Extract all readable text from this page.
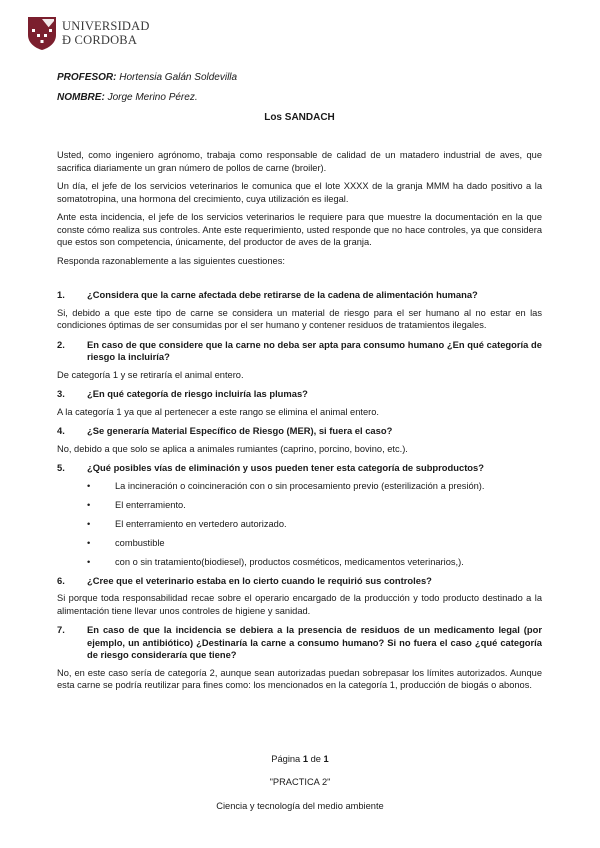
UNIVERSIDAD
Ð CORDOBA
PROFESOR: Hortensia Galán Soldevilla
NOMBRE: Jorge Merino Pérez.
Los SANDACH

Usted, como ingeniero agrónomo, trabaja como responsable de calidad de un matadero industrial de aves, que sacrifica diariamente un gran número de pollos de carne (broiler).

Un día, el jefe de los servicios veterinarios le comunica que el lote XXXX de la granja MMM ha dado positivo a la somatotropina, una hormona del crecimiento, cuya utilización es ilegal.

Ante esta incidencia, el jefe de los servicios veterinarios le requiere para que muestre la documentación en la que conste cómo realiza sus controles. Ante este requerimiento, usted responde que no hace controles, ya que considera que estos son competencia, únicamente, del productor de aves de la granja.

Responda razonablemente a las siguientes cuestiones:

1.	¿Considera que la carne afectada debe retirarse de la cadena de alimentación humana?

Si, debido a que este tipo de carne se considera un material de riesgo para el ser humano al no estar en las condiciones óptimas de ser consumidas por el ser humano y contener residuos de tratamientos ilegales.

2.	En caso de que considere que la carne no deba ser apta para consumo humano ¿En qué categoría de riesgo la incluiría?

De categoría 1 y se retiraría el animal entero.

3.	¿En qué categoría de riesgo incluiría las plumas?

A la categoría 1 ya que al pertenecer a este rango se elimina el animal entero.

4.	¿Se generaría Material Específico de Riesgo (MER), si fuera el caso?

No, debido a que solo se aplica a animales rumiantes (caprino, porcino, bovino, etc.).

5.	¿Qué posibles vías de eliminación y usos pueden tener esta categoría de subproductos?
•	La incineración o coincineración con o sin procesamiento previo (esterilización a presión).
•	El enterramiento.
•	El enterramiento en vertedero autorizado.
•	combustible
•	con o sin tratamiento(biodiesel), productos cosméticos, medicamentos veterinarios,).
6.	¿Cree que el veterinario estaba en lo cierto cuando le requirió sus controles?

Si porque toda responsabilidad recae sobre el operario encargado de la producción y todo producto destinado a la alimentación tiene llevar unos controles de higiene y sanidad.

7.	En caso de que la incidencia se debiera a la presencia de residuos de un medicamento legal (por ejemplo, un antibiótico) ¿Destinaría la carne a consumo humano? Si no fuera el caso ¿qué categoría de riesgo consideraría que tiene?

No, en este caso sería de categoría 2, aunque sean autorizadas puedan sobrepasar los límites autorizados. Aunque esta carne se podría reutilizar para fines como: los mencionados en la categoría 1, producción de biogás o abonos.

Página 1 de 1
"PRACTICA 2"
Ciencia y tecnología del medio ambiente
